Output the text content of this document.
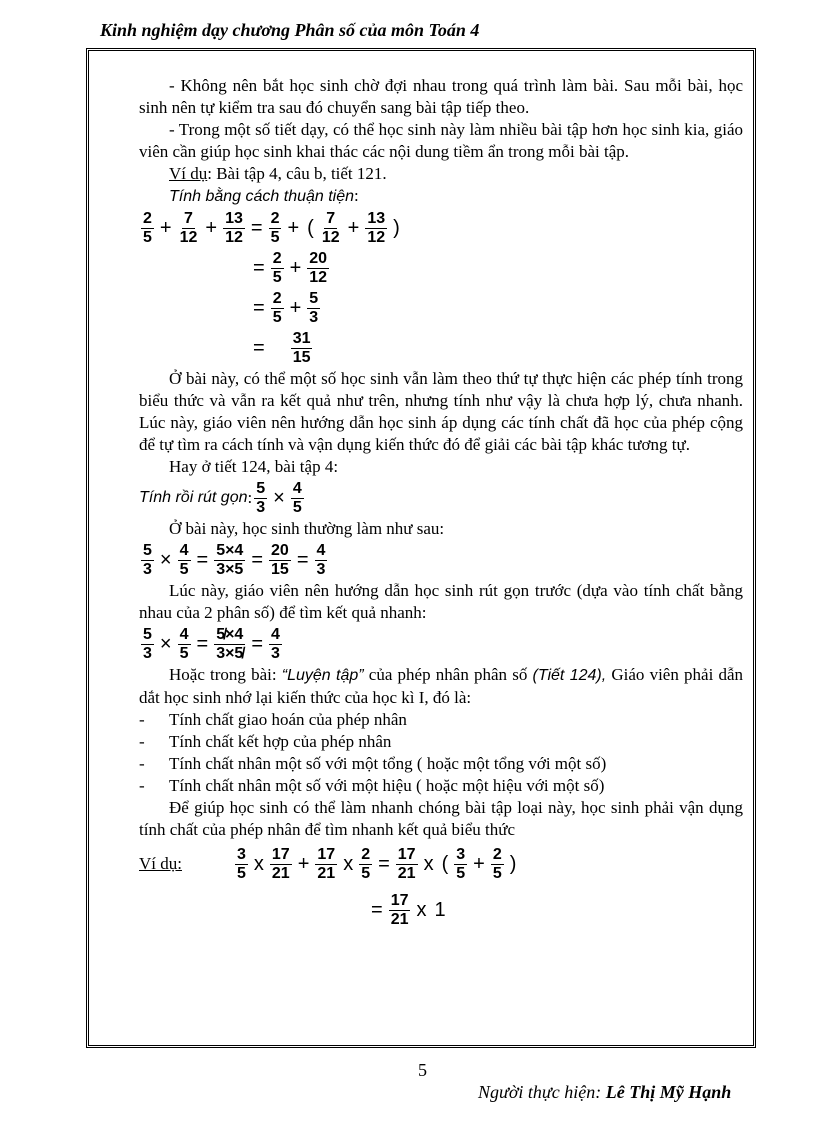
Kinh nghiệm dạy chương Phân số của môn Toán 4

- Không nên bắt học sinh chờ đợi nhau trong quá trình làm bài. Sau mỗi bài, học sinh nên tự kiểm tra sau đó chuyển sang bài tập tiếp theo.

- Trong một số tiết dạy, có thể học sinh này làm nhiều bài tập hơn học sinh kia, giáo viên cần giúp học sinh khai thác các nội dung tiềm ẩn trong mỗi bài tập.

Ví dụ: Bài tập 4, câu b, tiết 121.

Tính bằng cách thuận tiện:

$\frac{2}{5} + \frac{7}{12} + \frac{13}{12} = \frac{2}{5}$ + ( $\frac{7}{12} + \frac{13}{12}$ )
= $\frac{2}{5} + \frac{20}{12}$
= $\frac{2}{5} + \frac{5}{3}$
= $\frac{31}{15}$

Ở bài này, có thể một số học sinh vẫn làm theo thứ tự thực hiện các phép tính trong biểu thức và vẫn ra kết quả như trên, nhưng tính như vậy là chưa hợp lý, chưa nhanh. Lúc này, giáo viên nên hướng dẫn học sinh áp dụng các tính chất đã học của phép cộng để tự tìm ra cách tính và vận dụng kiến thức đó để giải các bài tập khác tương tự.

Hay ở tiết 124, bài tập 4:

Tính rồi rút gọn : $\frac{5}{3} \times \frac{4}{5}$

Ở bài này, học sinh thường làm như sau:

$\frac{5}{3} \times \frac{4}{5} = \frac{5\times 4}{3\times 5} = \frac{20}{15} = \frac{4}{3}$

Lúc này, giáo viên nên hướng dẫn học sinh rút gọn trước (dựa vào tính chất bằng nhau của 2 phân số) để tìm kết quả nhanh:

$\frac{5}{3} \times \frac{4}{5} = \frac{5̸\times 4}{3\times 5̸} = \frac{4}{3}$

Hoặc trong bài: “Luyện tập” của phép nhân phân số (Tiết 124), Giáo viên phải dẫn dắt học sinh nhớ lại kiến thức của học kì I, đó là:

-	Tính chất giao hoán của phép nhân
-	Tính chất kết hợp của phép nhân
-	Tính chất nhân một số với một tổng ( hoặc một tổng với một số)
-	Tính chất nhân một số với một hiệu ( hoặc một hiệu với một số)

Để giúp học sinh có thể làm nhanh chóng bài tập loại này, học sinh phải vận dụng tính chất của phép nhân để tìm nhanh kết quả biểu thức

Ví dụ:	$\frac{3}{5}$ x $\frac{17}{21} + \frac{17}{21}$ x $\frac{2}{5} = \frac{17}{21}$ x ( $\frac{3}{5} + \frac{2}{5}$ )
= $\frac{17}{21}$ x 1
5
Người thực hiện: Lê Thị Mỹ Hạnh
